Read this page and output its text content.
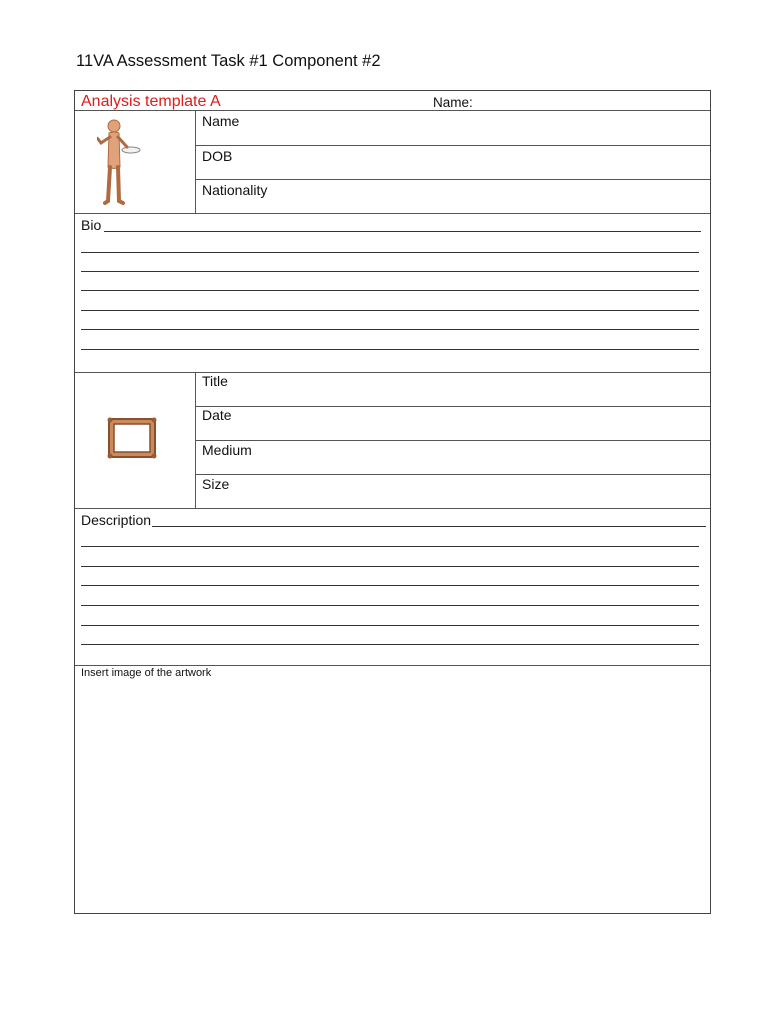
11VA Assessment Task #1 Component #2
Analysis template A	Name:
Name
DOB
Nationality
Bio
Title
Date
Medium
Size
Description
Insert image of the artwork
